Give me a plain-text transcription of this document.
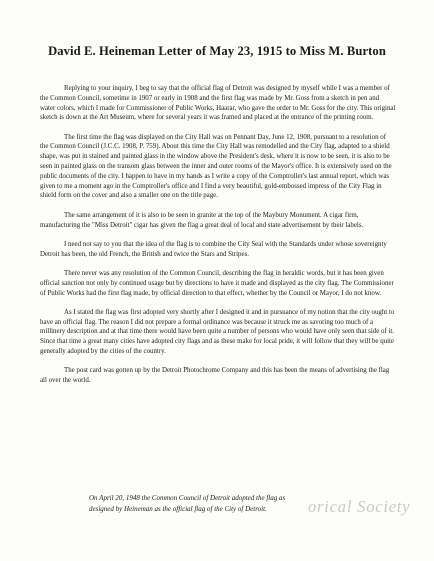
David E. Heineman Letter of May 23, 1915 to Miss M. Burton

Replying to your inquiry, I beg to say that the official flag of Detroit was designed by myself while I was a member of the Common Council, sometime in 1907 or early in 1908 and the first flag was made by Mr. Goss from a sketch in pen and water colors, which I made for Commissioner of Public Works, Haarar, who gave the order to Mr. Goss for the city. This original sketch is down at the Art Museum, where for several years it was framed and placed at the entrance of the printing room.

The first time the flag was displayed on the City Hall was on Pennant Day, June 12, 1908, pursuant to a resolution of the Common Council (J.C.C. 1908, P. 759). About this time the City Hall was remodelled and the City flag, adapted to a shield shape, was put in stained and painted glass in the window above the President's desk, where it is now to be seen, it is also to be seen in painted glass on the transom glass between the inner and outer rooms of the Mayor's office. It is extensively used on the public documents of the city. I happen to have in my hands as I write a copy of the Comptroller's last annual report, which was given to me a moment ago in the Comptroller's office and I find a very beautiful, gold-embossed impress of the City Flag in shield form on the cover and also a smaller one on the title page.

The same arrangement of it is also to be seen in granite at the top of the Maybury Monument. A cigar firm, manufacturing the "Miss Detroit" cigar has given the flag a great deal of local and state advertisement by their labels.

I need not say to you that the idea of the flag is to combine the City Seal with the Standards under whose sovereignty Detroit has been, the old French, the British and twice the Stars and Stripes.

There never was any resolution of the Common Council, describing the flag in heraldic words, but it has been given official sanction not only by continued usage but by directions to have it made and displayed as the city flag. The Commissioner of Public Works had the first flag made, by official direction to that effect, whether by the Council or Mayor, I do not know.

As I stated the flag was first adopted very shortly after I designed it and in pursuance of my notion that the city ought to have an official flag. The reason I did not prepare a formal ordinance was because it struck me as savoring too much of a millinery description and at that time there would have been quite a number of persons who would have only seen that side of it. Since that time a great many cities have adopted city flags and as these make for local pride, it will follow that they will be quite generally adopted by the cities of the country.

The post card was gotten up by the Detroit Photochrome Company and this has been the means of advertising the flag all over the world.

On April 20, 1948 the Common Council of Detroit adopted the flag as
designed by Heineman as the official flag of the City of Detroit.	orical Society
